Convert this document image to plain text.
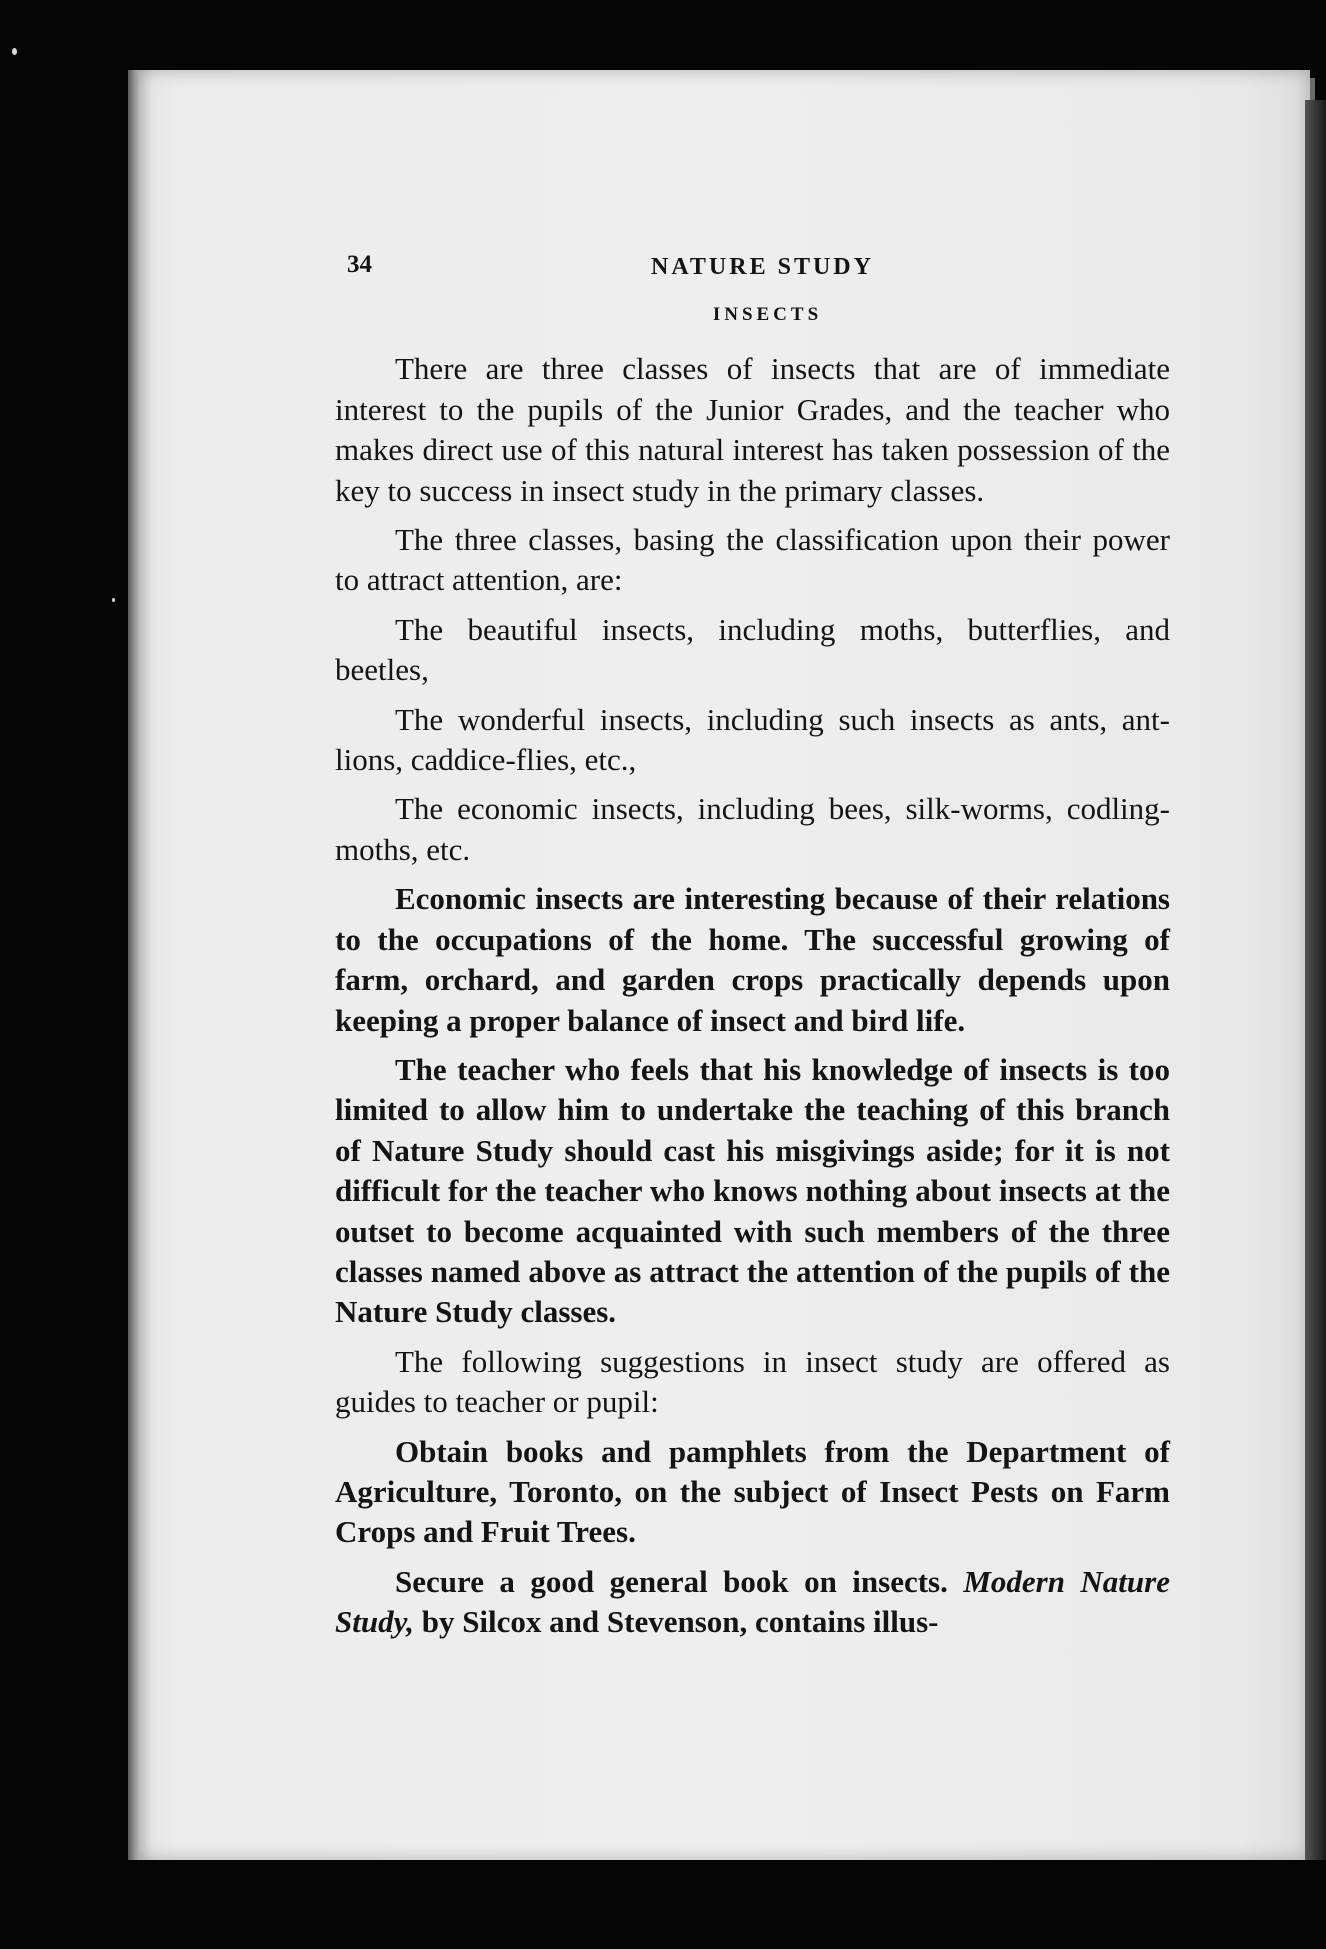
34	NATURE STUDY
INSECTS

There are three classes of insects that are of immediate interest to the pupils of the Junior Grades, and the teacher who makes direct use of this natural interest has taken possession of the key to success in insect study in the primary classes.

The three classes, basing the classification upon their power to attract attention, are:

The beautiful insects, including moths, butterflies, and beetles,

The wonderful insects, including such insects as ants, ant-lions, caddice-flies, etc.,

The economic insects, including bees, silk-worms, codling-moths, etc.

Economic insects are interesting because of their relations to the occupations of the home. The successful growing of farm, orchard, and garden crops practically depends upon keeping a proper balance of insect and bird life.

The teacher who feels that his knowledge of insects is too limited to allow him to undertake the teaching of this branch of Nature Study should cast his misgivings aside; for it is not difficult for the teacher who knows nothing about insects at the outset to become acquainted with such members of the three classes named above as attract the attention of the pupils of the Nature Study classes.

The following suggestions in insect study are offered as guides to teacher or pupil:

Obtain books and pamphlets from the Department of Agriculture, Toronto, on the subject of Insect Pests on Farm Crops and Fruit Trees.

Secure a good general book on insects. Modern Nature Study, by Silcox and Stevenson, contains illus-
